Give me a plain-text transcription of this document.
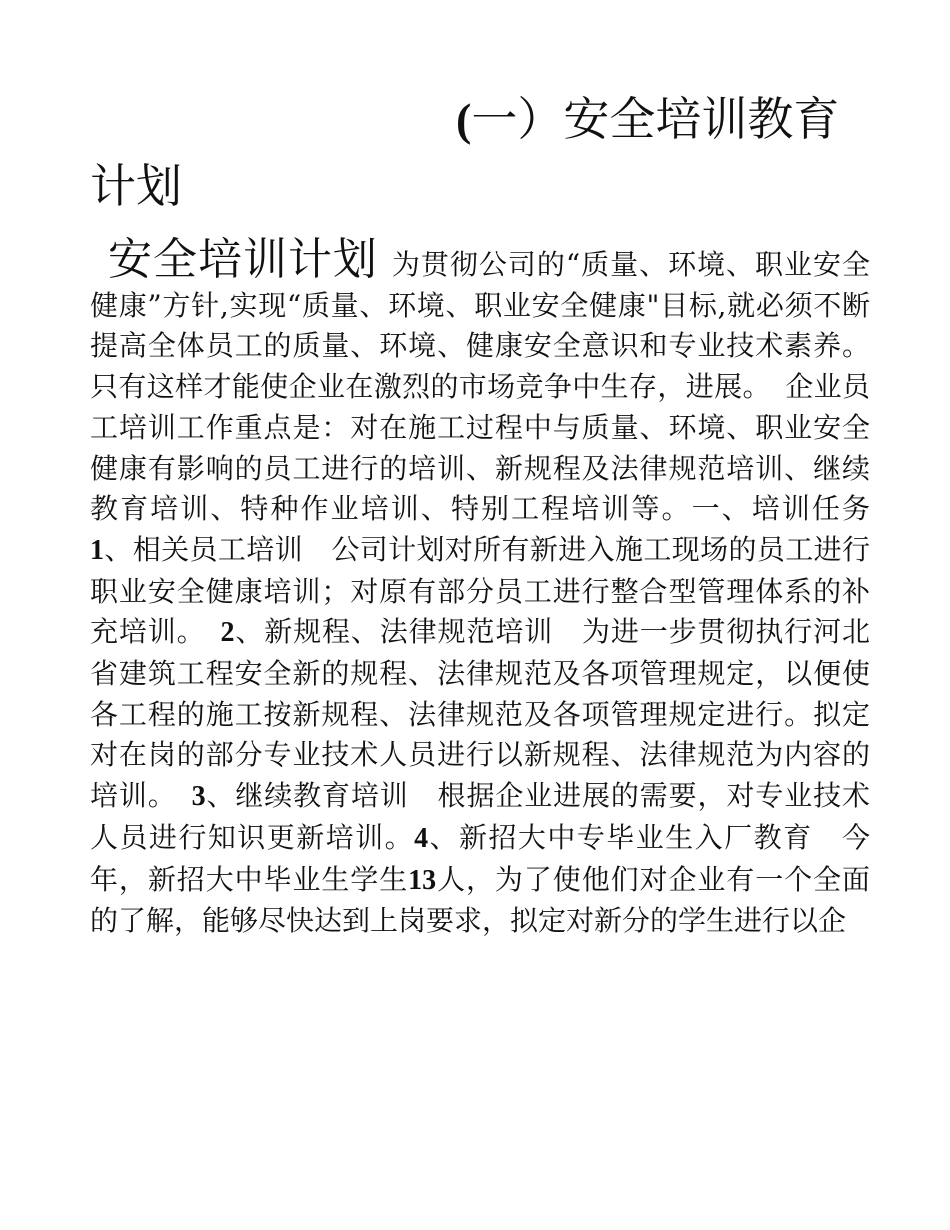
(一）安全培训教育计划

安全培训计划 为贯彻公司的“质量、环境、职业安全健康”方针,实现“质量、环境、职业安全健康"目标,就必须不断提高全体员工的质量、环境、健康安全意识和专业技术素养。只有这样才能使企业在激烈的市场竞争中生存，进展。　企业员工培训工作重点是：对在施工过程中与质量、环境、职业安全健康有影响的员工进行的培训、新规程及法律规范培训、继续教育培训、特种作业培训、特别工程培训等。一、培训任务　1、相关员工培训　公司计划对所有新进入施工现场的员工进行职业安全健康培训；对原有部分员工进行整合型管理体系的补充培训。　2、新规程、法律规范培训　为进一步贯彻执行河北省建筑工程安全新的规程、法律规范及各项管理规定，以便使各工程的施工按新规程、法律规范及各项管理规定进行。拟定对在岗的部分专业技术人员进行以新规程、法律规范为内容的培训。　3、继续教育培训　根据企业进展的需要，对专业技术人员进行知识更新培训。4、新招大中专毕业生入厂教育　今年，新招大中毕业生学生13人，为了使他们对企业有一个全面的了解，能够尽快达到上岗要求，拟定对新分的学生进行以企
